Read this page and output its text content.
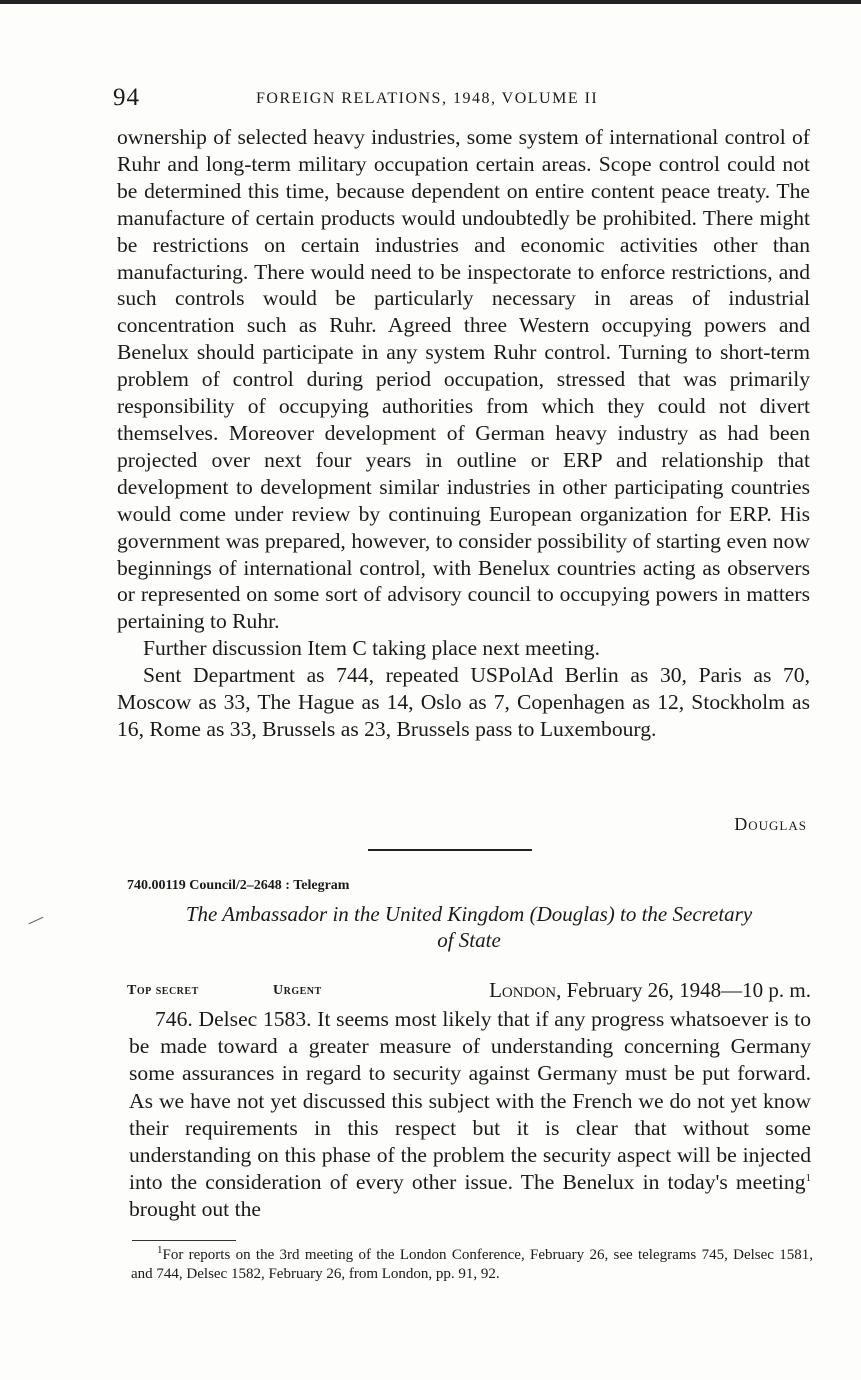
94	FOREIGN RELATIONS, 1948, VOLUME II

ownership of selected heavy industries, some system of international control of Ruhr and long-term military occupation certain areas. Scope control could not be determined this time, because dependent on entire content peace treaty. The manufacture of certain products would undoubtedly be prohibited. There might be restrictions on certain industries and economic activities other than manufacturing. There would need to be inspectorate to enforce restrictions, and such controls would be particularly necessary in areas of industrial concentration such as Ruhr. Agreed three Western occupying powers and Benelux should participate in any system Ruhr control. Turning to short-term problem of control during period occupation, stressed that was primarily responsibility of occupying authorities from which they could not divert themselves. Moreover development of German heavy industry as had been projected over next four years in outline or ERP and relationship that development to development similar industries in other participating countries would come under review by continuing European organization for ERP. His government was prepared, however, to consider possibility of starting even now beginnings of international control, with Benelux countries acting as observers or represented on some sort of advisory council to occupying powers in matters pertaining to Ruhr.

Further discussion Item C taking place next meeting.

Sent Department as 744, repeated USPolAd Berlin as 30, Paris as 70, Moscow as 33, The Hague as 14, Oslo as 7, Copenhagen as 12, Stockholm as 16, Rome as 33, Brussels as 23, Brussels pass to Luxembourg.

Douglas
740.00119 Council/2–2648 : Telegram
The Ambassador in the United Kingdom (Douglas) to the Secretary
of State
Top secret	Urgent	London, February 26, 1948—10 p. m.

746. Delsec 1583. It seems most likely that if any progress whatsoever is to be made toward a greater measure of understanding concerning Germany some assurances in regard to security against Germany must be put forward. As we have not yet discussed this subject with the French we do not yet know their requirements in this respect but it is clear that without some understanding on this phase of the problem the security aspect will be injected into the consideration of every other issue. The Benelux in today's meeting$^1$ brought out the

$^1$For reports on the 3rd meeting of the London Conference, February 26, see telegrams 745, Delsec 1581, and 744, Delsec 1582, February 26, from London, pp. 91, 92.
